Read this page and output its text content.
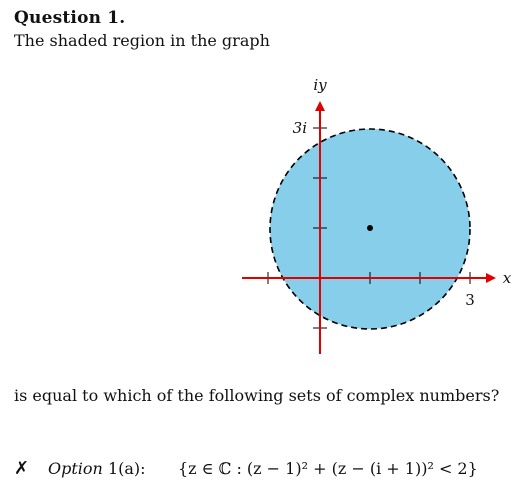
Question 1.
The shaded region in the graph
iy
x
3i
3
is equal to which of the following sets of complex numbers?
✗	Option 1(a):	{z ∈ ℂ : (z − 1)² + (z − (i + 1))² < 2}
